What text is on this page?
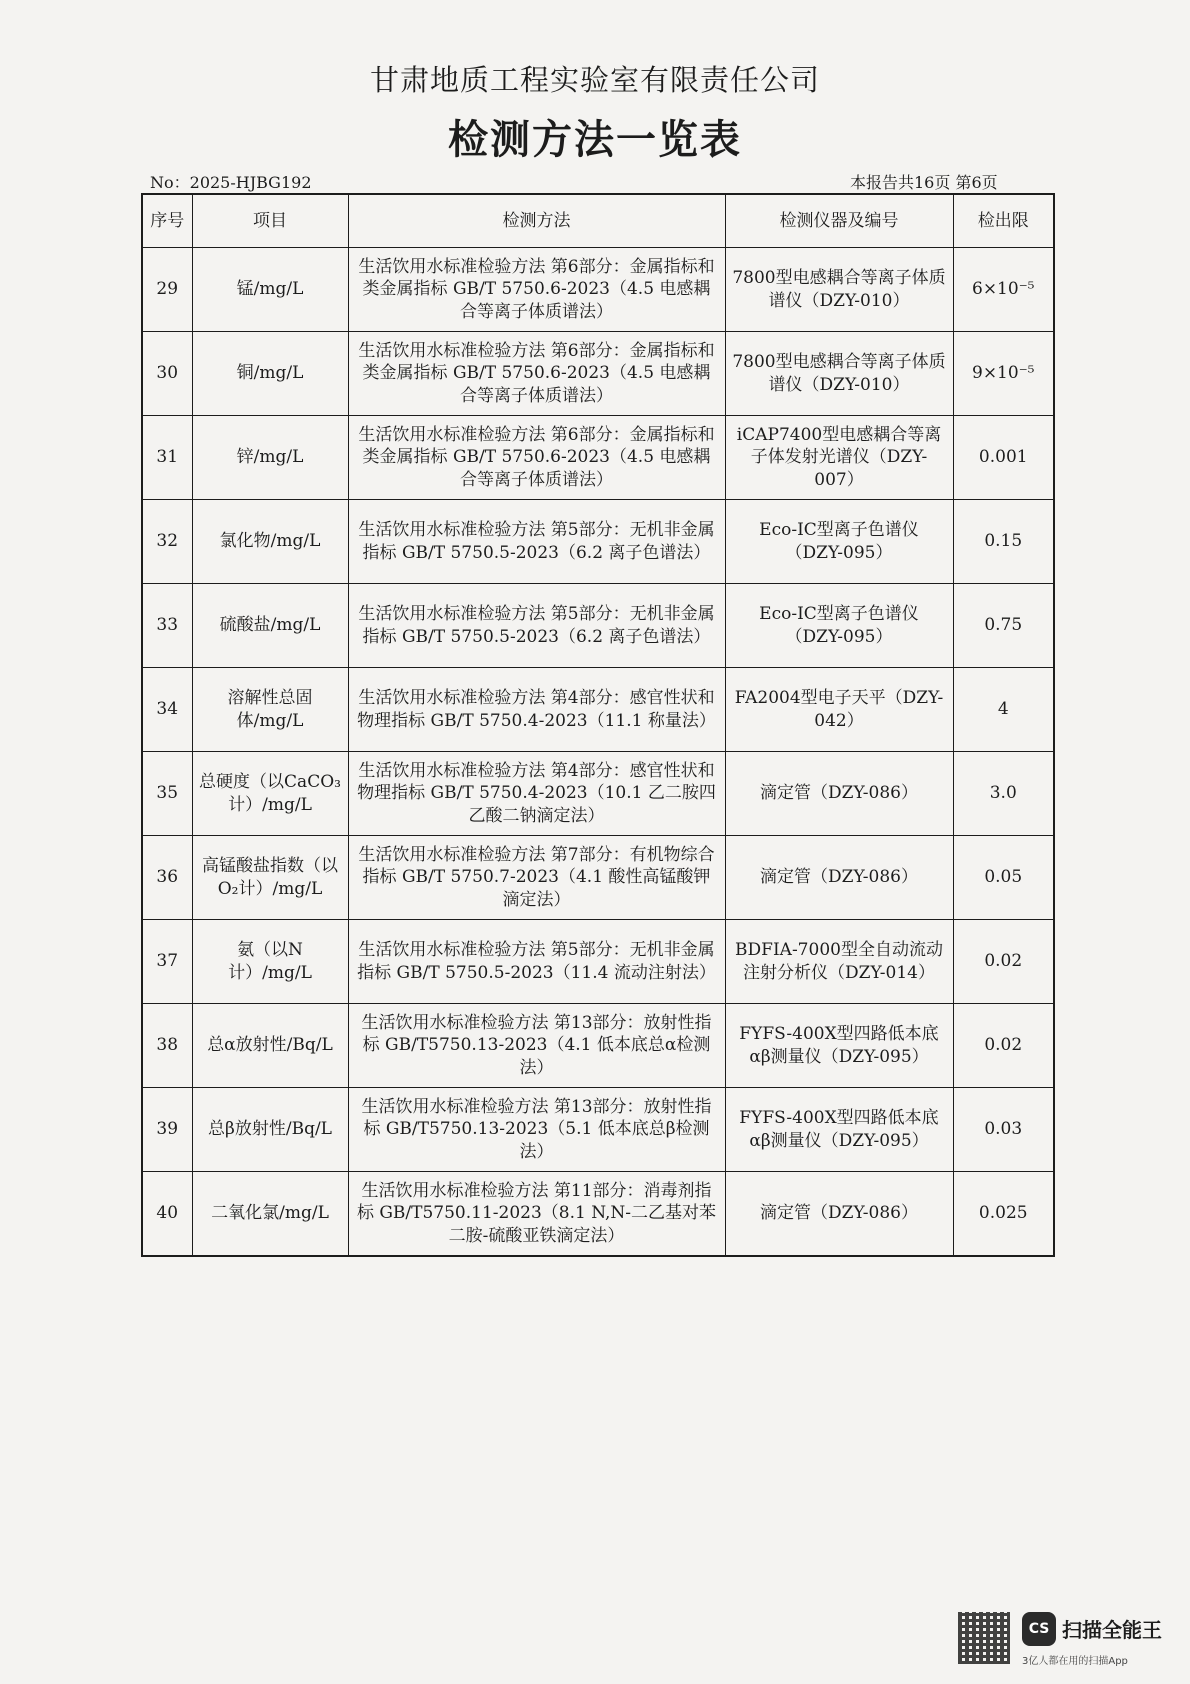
甘肃地质工程实验室有限责任公司
检测方法一览表
No：2025-HJBG192	本报告共16页 第6页
序号	项目	检测方法	检测仪器及编号	检出限
29	锰/mg/L	生活饮用水标准检验方法 第6部分：金属指标和类金属指标 GB/T 5750.6-2023（4.5 电感耦合等离子体质谱法）	7800型电感耦合等离子体质谱仪（DZY-010）	6×10⁻⁵
30	铜/mg/L	生活饮用水标准检验方法 第6部分：金属指标和类金属指标 GB/T 5750.6-2023（4.5 电感耦合等离子体质谱法）	7800型电感耦合等离子体质谱仪（DZY-010）	9×10⁻⁵
31	锌/mg/L	生活饮用水标准检验方法 第6部分：金属指标和类金属指标 GB/T 5750.6-2023（4.5 电感耦合等离子体质谱法）	iCAP7400型电感耦合等离子体发射光谱仪（DZY-007）	0.001
32	氯化物/mg/L	生活饮用水标准检验方法 第5部分：无机非金属指标 GB/T 5750.5-2023（6.2 离子色谱法）	Eco-IC型离子色谱仪（DZY-095）	0.15
33	硫酸盐/mg/L	生活饮用水标准检验方法 第5部分：无机非金属指标 GB/T 5750.5-2023（6.2 离子色谱法）	Eco-IC型离子色谱仪（DZY-095）	0.75
34	溶解性总固体/mg/L	生活饮用水标准检验方法 第4部分：感官性状和物理指标 GB/T 5750.4-2023（11.1 称量法）	FA2004型电子天平（DZY-042）	4
35	总硬度（以CaCO₃计）/mg/L	生活饮用水标准检验方法 第4部分：感官性状和物理指标 GB/T 5750.4-2023（10.1 乙二胺四乙酸二钠滴定法）	滴定管（DZY-086）	3.0
36	高锰酸盐指数（以O₂计）/mg/L	生活饮用水标准检验方法 第7部分：有机物综合指标 GB/T 5750.7-2023（4.1 酸性高锰酸钾滴定法）	滴定管（DZY-086）	0.05
37	氨（以N计）/mg/L	生活饮用水标准检验方法 第5部分：无机非金属指标 GB/T 5750.5-2023（11.4 流动注射法）	BDFIA-7000型全自动流动注射分析仪（DZY-014）	0.02
38	总α放射性/Bq/L	生活饮用水标准检验方法 第13部分：放射性指标 GB/T5750.13-2023（4.1 低本底总α检测法）	FYFS-400X型四路低本底αβ测量仪（DZY-095）	0.02
39	总β放射性/Bq/L	生活饮用水标准检验方法 第13部分：放射性指标 GB/T5750.13-2023（5.1 低本底总β检测法）	FYFS-400X型四路低本底αβ测量仪（DZY-095）	0.03
40	二氧化氯/mg/L	生活饮用水标准检验方法 第11部分：消毒剂指标 GB/T5750.11-2023（8.1 N,N-二乙基对苯二胺-硫酸亚铁滴定法）	滴定管（DZY-086）	0.025
CS 扫描全能王
3亿人都在用的扫描App
